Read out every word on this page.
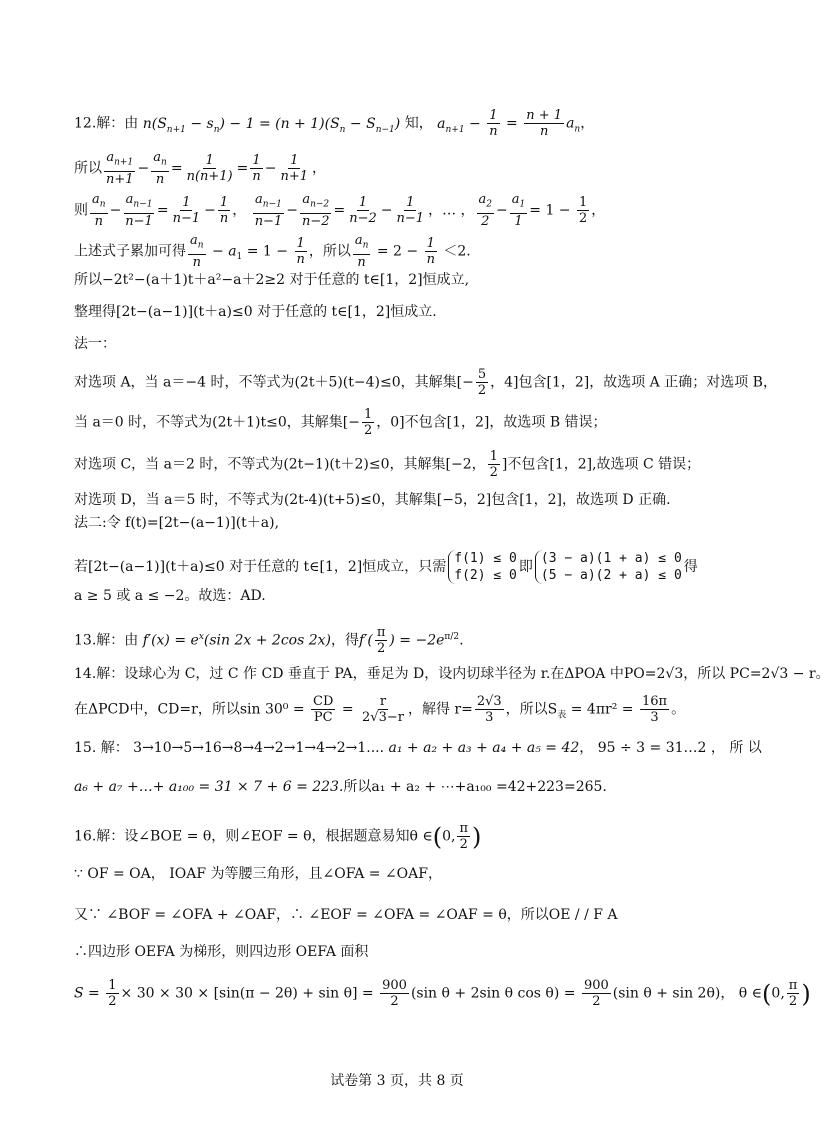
12.解：由 $n(S_{n+1} - s_n) - 1 = (n + 1)(S_n - S_{n-1})$ 知， $a_{n+1} - \frac{1}{n} = \frac{n + 1}{n} a_n$，
所以 $\frac{a_{n+1}}{n+1} - \frac{a_n}{n} = \frac{1}{n(n+1)} = \frac{1}{n} - \frac{1}{n+1}$ ，
则 $\frac{a_n}{n} - \frac{a_{n-1}}{n-1} = \frac{1}{n-1} - \frac{1}{n}$ ， $\frac{a_{n-1}}{n-1} - \frac{a_{n-2}}{n-2} = \frac{1}{n-2} - \frac{1}{n-1}$ ，… ， $\frac{a_2}{2} - \frac{a_1}{1} = 1 - \frac{1}{2}$ ，
上述式子累加可得 $\frac{a_n}{n} - a_1 = 1 - \frac{1}{n}$ ，所以 $\frac{a_n}{n} = 2 - \frac{1}{n} <2$.
所以−2t²−(a＋1)t＋a²−a＋2≥2 对于任意的 t∈[1，2]恒成立,
整理得[2t−(a−1)](t＋a)≤0 对于任意的 t∈[1，2]恒成立.
法一：
对选项 A，当 a＝−4 时，不等式为(2t＋5)(t−4)≤0，其解集[− $\frac{5}{2}$ ，4]包含[1，2]，故选项 A 正确；对选项 B，
当 a＝0 时，不等式为(2t＋1)t≤0，其解集[− $\frac{1}{2}$ ，0]不包含[1，2]，故选项 B 错误；
对选项 C，当 a＝2 时，不等式为(2t−1)(t＋2)≤0，其解集[−2， $\frac{1}{2}$ ]不包含[1，2],故选项 C 错误；
对选项 D，当 a＝5 时，不等式为(2t-4)(t+5)≤0，其解集[−5，2]包含[1，2]，故选项 D 正确.
法二:令 f(t)=[2t−(a−1)](t＋a),
若[2t−(a−1)](t＋a)≤0 对于任意的 t∈[1，2]恒成立，只需
f(1) ≤ 0
f(2) ≤ 0
即
(3 − a)(1 + a) ≤ 0
(5 − a)(2 + a) ≤ 0
得
a ≥ 5 或 a ≤ −2。故选：AD.
13.解：由 $f'(x) = e^x(\sin$ 2x + 2cos 2x)，得$f'( \frac{\pi}{2}$ ) = $-2e^{\pi/2}$.
14.解：设球心为 C，过 C 作 CD 垂直于 PA，垂足为 D，设内切球半径为 r.在ΔPOA 中PO=2√3，所以 PC=2√3 − r。
在ΔPCD中，CD=r，所以$\sin 30^0 = \frac{CD}{PC} = \frac{r}{2√3-r}$ ，解得 $r= \frac{2√3}{3}$ ，所以$S_表 = 4\pi r^2 = \frac{16\pi}{3}$ 。
15. 解： 3→10→5→16→8→4→2→1→4→2→1.... a₁ + a₂ + a₃ + a₄ + a₅ = 42， 95 ÷ 3 = 31…2 ， 所 以
a₆ + a₇ +…+ a₁₀₀ = 31 × 7 + 6 = 223.所以a₁ + a₂ + ⋯+a₁₀₀ =42+223=265.
16.解：设∠BOE = θ，则∠EOF = θ，根据题意易知θ ∈(0, $\frac{\pi}{2}$ )
∵ OF = OA， ΙOAF 为等腰三角形，且∠OFA = ∠OAF，
又∵ ∠BOF = ∠OFA + ∠OAF，∴ ∠EOF = ∠OFA = ∠OAF = θ，所以OE / / F A
∴四边形 OEFA 为梯形，则四边形 OEFA 面积
$S = \frac{1}{2} \times 30 \times 30 \times [\sin(\pi - 2\theta) + \sin \theta] = \frac{900}{2} (\sin$ θ + 2sin θ $\cos \theta) = \frac{900}{2} (\sin$ θ + sin 2θ)， θ ∈(0, $\frac{\pi}{2}$ )
试卷第 3 页，共 8 页
